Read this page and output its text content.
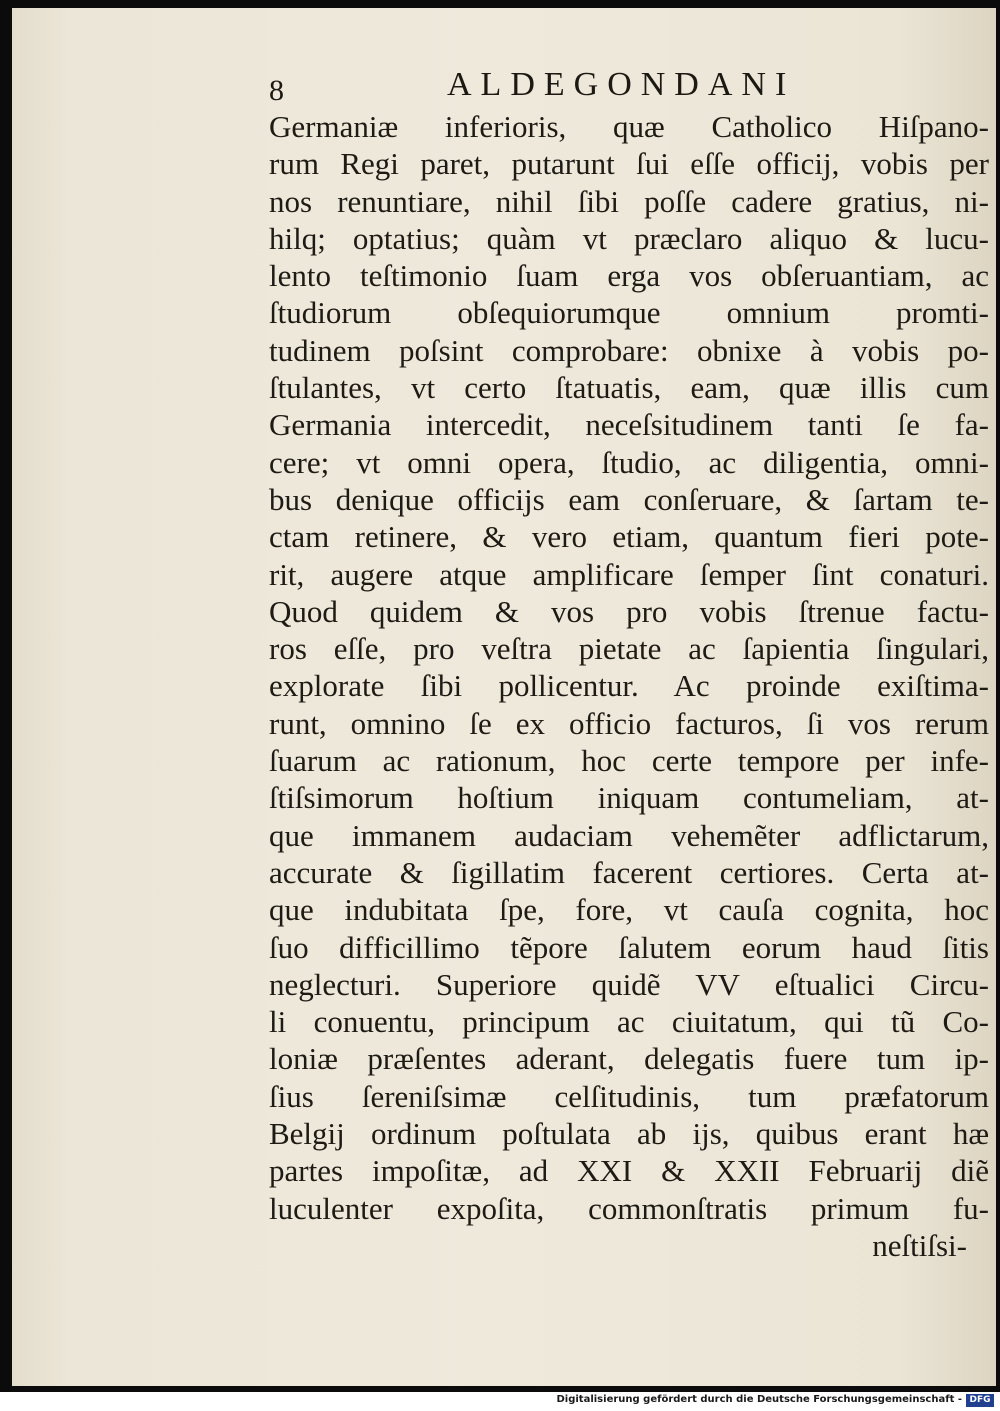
8	ALDEGONDANI
Germaniæ inferioris, quæ Catholico Hiſpano-
rum Regi paret, putarunt ſui eſſe officij, vobis per
nos renuntiare, nihil ſibi poſſe cadere gratius, ni-
hilq; optatius; quàm vt præclaro aliquo & lucu-
lento teſtimonio ſuam erga vos obſeruantiam, ac
ſtudiorum obſequiorumque omnium promti-
tudinem poſsint comprobare: obnixe à vobis po-
ſtulantes, vt certo ſtatuatis, eam, quæ illis cum
Germania intercedit, neceſsitudinem tanti ſe fa-
cere; vt omni opera, ſtudio, ac diligentia, omni-
bus denique officijs eam conſeruare, & ſartam te-
ctam retinere, & vero etiam, quantum fieri pote-
rit, augere atque amplificare ſemper ſint conaturi.
Quod quidem & vos pro vobis ſtrenue factu-
ros eſſe, pro veſtra pietate ac ſapientia ſingulari,
explorate ſibi pollicentur. Ac proinde exiſtima-
runt, omnino ſe ex officio facturos, ſi vos rerum
ſuarum ac rationum, hoc certe tempore per infe-
ſtiſsimorum hoſtium iniquam contumeliam, at-
que immanem audaciam vehemẽter adflictarum,
accurate & ſigillatim facerent certiores. Certa at-
que indubitata ſpe, fore, vt cauſa cognita, hoc
ſuo difficillimo tẽpore ſalutem eorum haud ſitis
neglecturi. Superiore quidẽ VV eſtualici Circu-
li conuentu, principum ac ciuitatum, qui tũ Co-
loniæ præſentes aderant, delegatis fuere tum ip-
ſius ſereniſsimæ celſitudinis, tum præfatorum
Belgij ordinum poſtulata ab ijs, quibus erant hæ
partes impoſitæ, ad XXI & XXII Februarij diẽ
luculenter expoſita, commonſtratis primum fu-
neſtiſsi-
Digitalisierung gefördert durch die Deutsche Forschungsgemeinschaft - DFG
